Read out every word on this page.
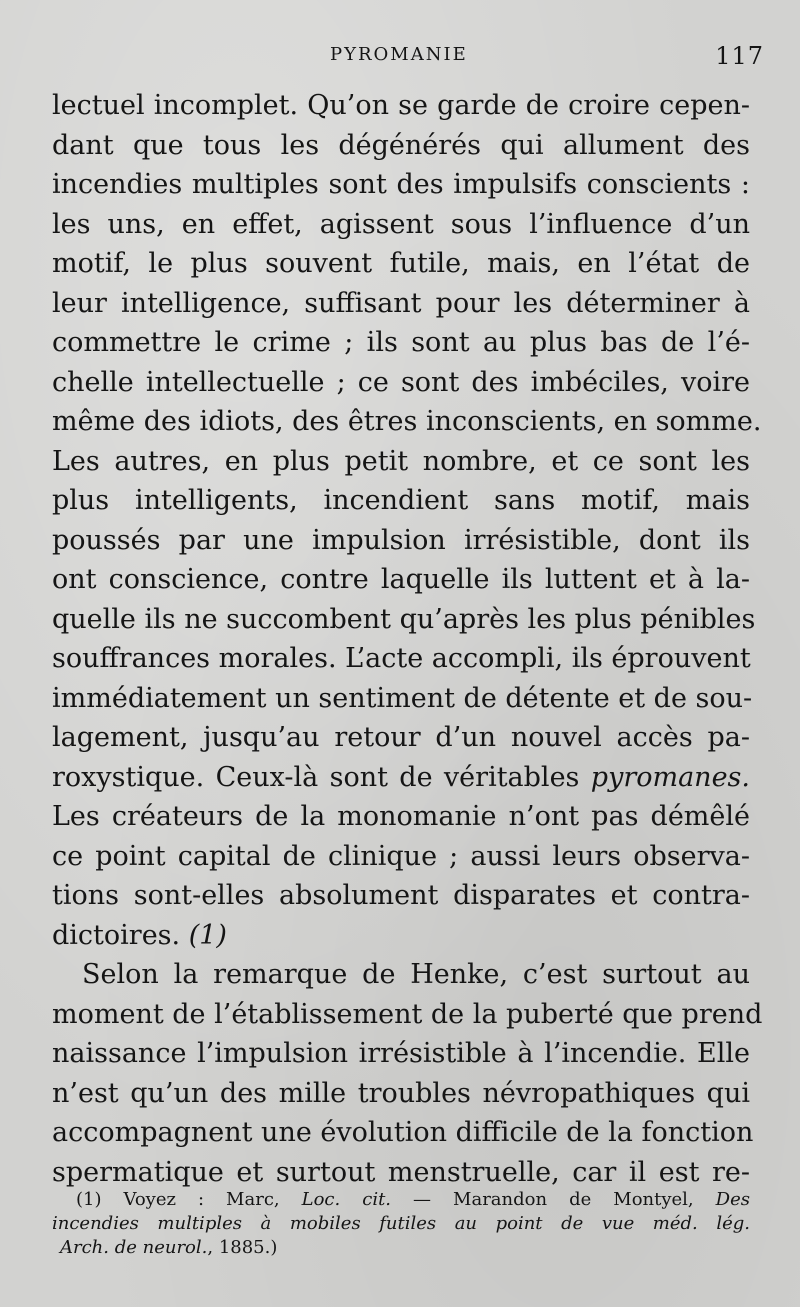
PYROMANIE	117
lectuel incomplet. Qu’on se garde de croire cepen-
dant que tous les dégénérés qui allument des
incendies multiples sont des impulsifs conscients :
les uns, en effet, agissent sous l’influence d’un
motif, le plus souvent futile, mais, en l’état de
leur intelligence, suffisant pour les déterminer à
commettre le crime ; ils sont au plus bas de l’é-
chelle intellectuelle ; ce sont des imbéciles, voire
même des idiots, des êtres inconscients, en somme.
Les autres, en plus petit nombre, et ce sont les
plus intelligents, incendient sans motif, mais
poussés par une impulsion irrésistible, dont ils
ont conscience, contre laquelle ils luttent et à la-
quelle ils ne succombent qu’après les plus pénibles
souffrances morales. L’acte accompli, ils éprouvent
immédiatement un sentiment de détente et de sou-
lagement, jusqu’au retour d’un nouvel accès pa-
roxystique. Ceux-là sont de véritables pyromanes.
Les créateurs de la monomanie n’ont pas démêlé
ce point capital de clinique ; aussi leurs observa-
tions sont-elles absolument disparates et contra-
dictoires. (1)
Selon la remarque de Henke, c’est surtout au
moment de l’établissement de la puberté que prend
naissance l’impulsion irrésistible à l’incendie. Elle
n’est qu’un des mille troubles névropathiques qui
accompagnent une évolution difficile de la fonction
spermatique et surtout menstruelle, car il est re-
(1) Voyez : Marc, Loc. cit. — Marandon de Montyel, Des
incendies multiples à mobiles futiles au point de vue méd. lég.
Arch. de neurol., 1885.)
